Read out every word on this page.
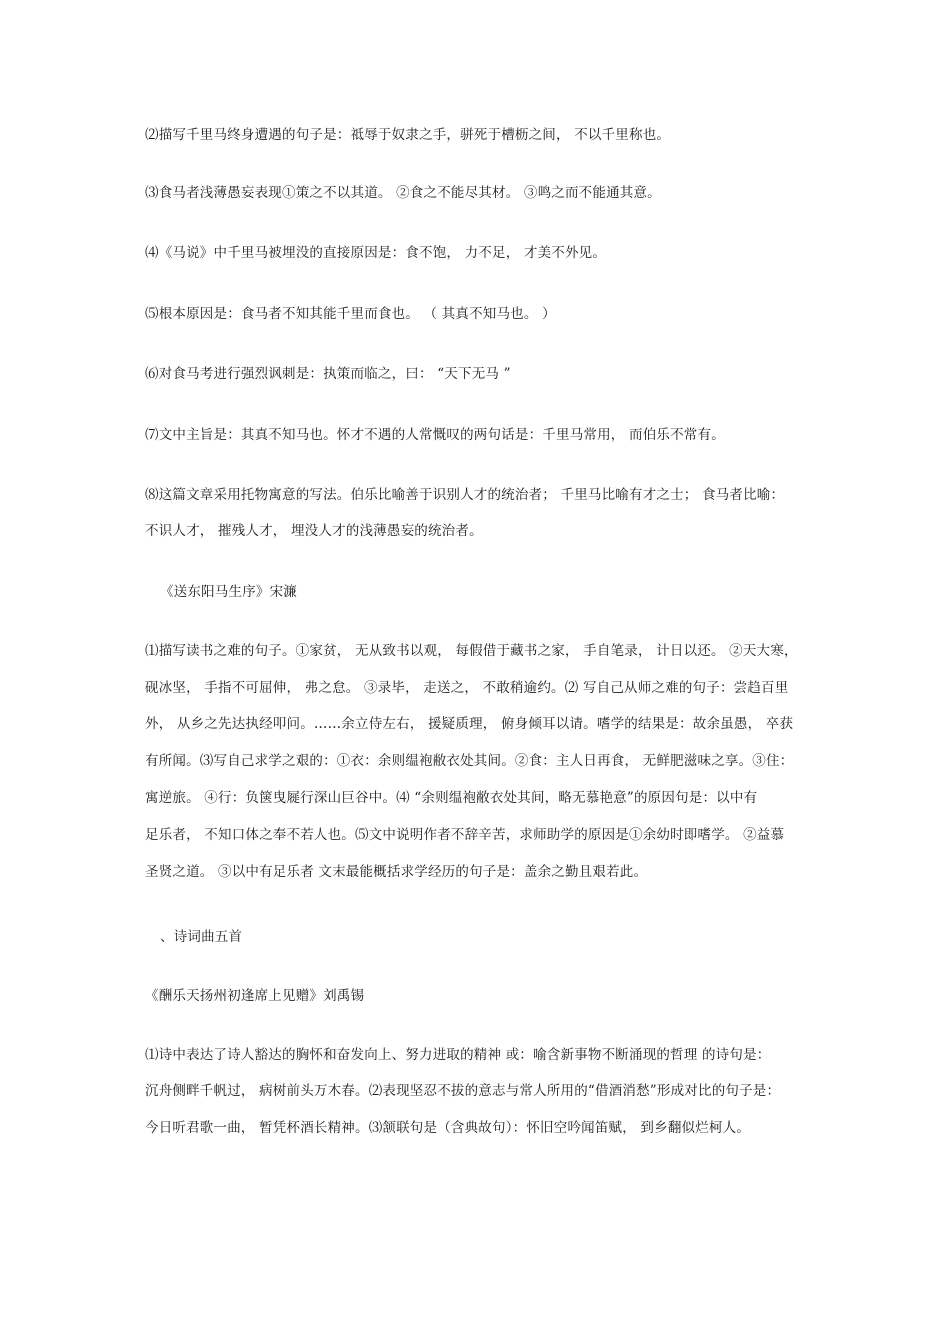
⑵描写千里马终身遭遇的句子是：祗辱于奴隶之手，骈死于槽枥之间， 不以千里称也。
⑶食马者浅薄愚妄表现①策之不以其道。 ②食之不能尽其材。 ③鸣之而不能通其意。
⑷《马说》中千里马被埋没的直接原因是：食不饱， 力不足， 才美不外见。
⑸根本原因是：食马者不知其能千里而食也。 （ 其真不知马也。 ）
⑹对食马考进行强烈讽刺是：执策而临之，曰： “天下无马 ”
⑺文中主旨是：其真不知马也。怀才不遇的人常慨叹的两句话是：千里马常用， 而伯乐不常有。
⑻这篇文章采用托物寓意的写法。伯乐比喻善于识别人才的统治者； 千里马比喻有才之士； 食马者比喻：
不识人才， 摧残人才， 埋没人才的浅薄愚妄的统治者。
《送东阳马生序》宋濂
⑴描写读书之难的句子。①家贫， 无从致书以观， 每假借于藏书之家， 手自笔录， 计日以还。 ②天大寒，
砚冰坚， 手指不可屈伸， 弗之怠。 ③录毕， 走送之， 不敢稍逾约。⑵ 写自己从师之难的句子：尝趋百里
外， 从乡之先达执经叩问。……余立侍左右， 援疑质理， 俯身倾耳以请。嗜学的结果是：故余虽愚， 卒获
有所闻。⑶写自己求学之艰的：①衣：余则缊袍敝衣处其间。②食：主人日再食， 无鲜肥滋味之享。③住：
寓逆旅。 ④行：负箧曳屣行深山巨谷中。⑷ “余则缊袍敝衣处其间，略无慕艳意”的原因句是：以中有
足乐者， 不知口体之奉不若人也。⑸文中说明作者不辞辛苦，求师助学的原因是①余幼时即嗜学。 ②益慕
圣贤之道。 ③以中有足乐者 文末最能概括求学经历的句子是：盖余之勤且艰若此。
、诗词曲五首
《酬乐天扬州初逢席上见赠》刘禹锡
⑴诗中表达了诗人豁达的胸怀和奋发向上、努力进取的精神 或：喻含新事物不断涌现的哲理 的诗句是：
沉舟侧畔千帆过， 病树前头万木春。⑵表现坚忍不拔的意志与常人所用的“借酒消愁”形成对比的句子是：
今日听君歌一曲， 暂凭杯酒长精神。⑶颔联句是（含典故句）：怀旧空吟闻笛赋， 到乡翻似烂柯人。
